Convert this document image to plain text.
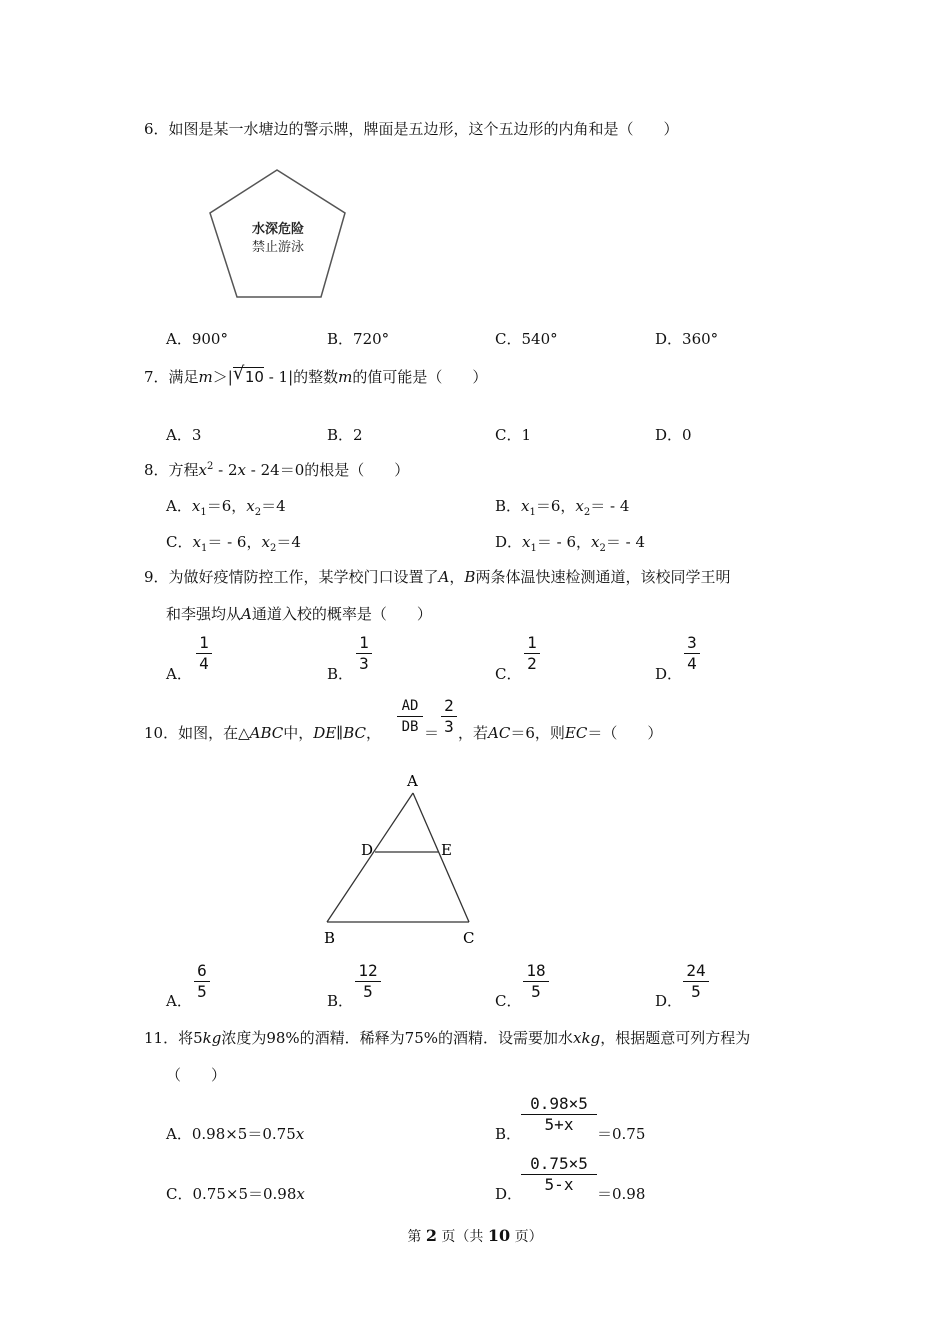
6．如图是某一水塘边的警示牌，牌面是五边形，这个五边形的内角和是（　　）
水深危险
禁止游泳
A．900°	B．720°	C．540°	D．360°
7．满足m＞| √ 10 - 1|的整数m的值可能是（　　）
A．3	B．2	C．1	D．0
8．方程$x^2 - 2x - 24=0$的根是（　　）
A．$x_1=6$，$x_2=4$	B．$x_1=6$，$x_2= - 4$
C．$x_1= - 6$，$x_2=4$	D．$x_1= - 6$，$x_2= - 4$
9．为做好疫情防控工作，某学校门口设置了A，B两条体温快速检测通道，该校同学王明
和李强均从A通道入校的概率是（　　）
A．
1
4
B．
1
3
C．
1
2
D．
3
4
10．如图，在△ABC中，DE∥BC，
AD
DB ＝
2
3 ，若AC＝6，则EC＝（　　）
A
D	E
B	C
A．
6
5	B．
12
5	C．
18
5	D．
24
5
11．将5kg浓度为98%的酒精．稀释为75%的酒精．设需要加水xkg，根据题意可列方程为
（　　）
A．0.98×5＝0.75x	B．
0.98×5
5+x	＝0.75
C．0.75×5＝0.98x	D．
0.75×5
5-x	＝0.98
第 2 页（共 10 页）
